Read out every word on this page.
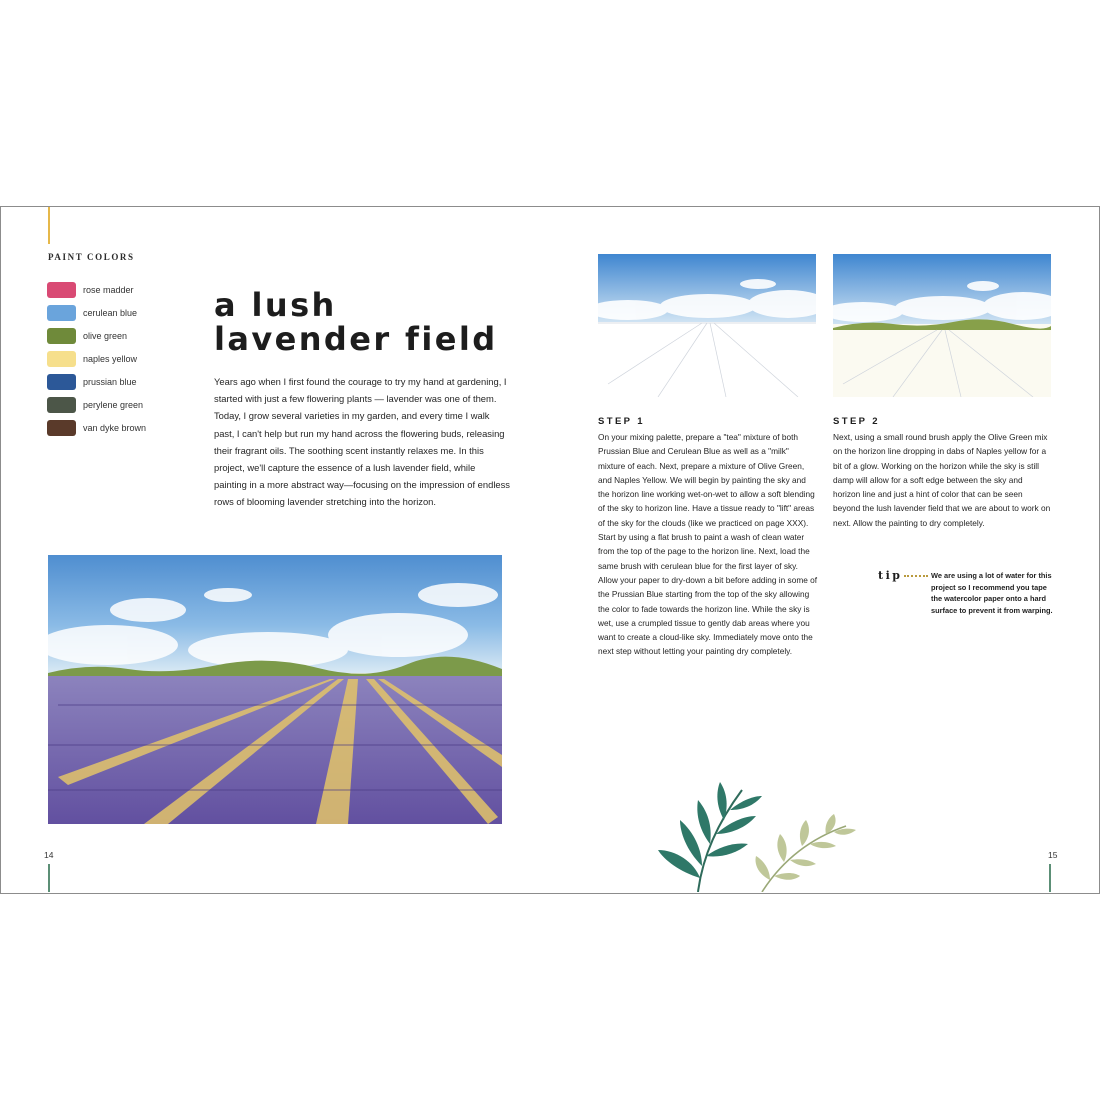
PAINT COLORS
rose madder
cerulean blue
olive green
naples yellow
prussian blue
perylene green
van dyke brown
a lush
lavender field

Years ago when I first found the courage to try my hand at gardening, I started with just a few flowering plants — lavender was one of them. Today, I grow several varieties in my garden, and every time I walk past, I can't help but run my hand across the flowering buds, releasing their fragrant oils. The soothing scent instantly relaxes me. In this project, we'll capture the essence of a lush lavender field, while painting in a more abstract way—focusing on the impression of endless rows of blooming lavender stretching into the horizon.

14
STEP 1

On your mixing palette, prepare a "tea" mixture of both Prussian Blue and Cerulean Blue as well as a "milk" mixture of each. Next, prepare a mixture of Olive Green, and Naples Yellow. We will begin by painting the sky and the horizon line working wet-on-wet to allow a soft blending of the sky to horizon line. Have a tissue ready to "lift" areas of the sky for the clouds (like we practiced on page XXX). Start by using a flat brush to paint a wash of clean water from the top of the page to the horizon line. Next, load the same brush with cerulean blue for the first layer of sky. Allow your paper to dry-down a bit before adding in some of the Prussian Blue starting from the top of the sky allowing the color to fade towards the horizon line. While the sky is wet, use a crumpled tissue to gently dab areas where you want to create a cloud-like sky. Immediately move onto the next step without letting your painting dry completely.

STEP 2

Next, using a small round brush apply the Olive Green mix on the horizon line dropping in dabs of Naples yellow for a bit of a glow. Working on the horizon while the sky is still damp will allow for a soft edge between the sky and horizon line and just a hint of color that can be seen beyond the lush lavender field that we are about to work on next. Allow the painting to dry completely.

tip	We are using a lot of water for this project so I recommend you tape the watercolor paper onto a hard surface to prevent it from warping.

15
